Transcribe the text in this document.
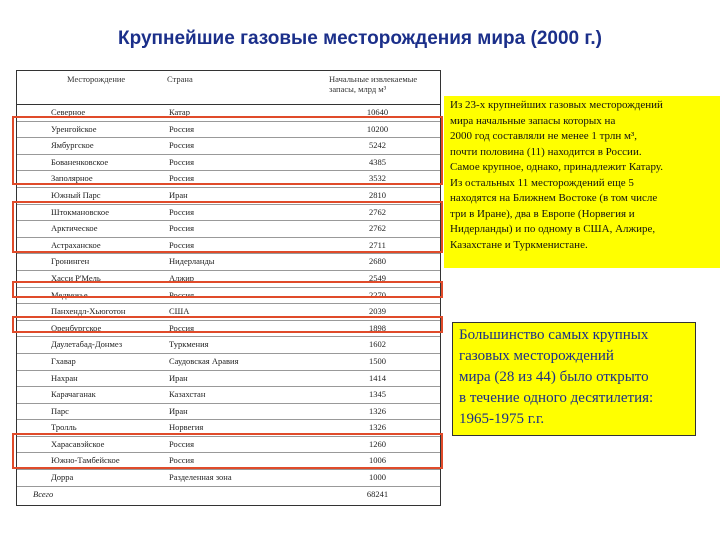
Крупнейшие газовые месторождения мира (2000 г.)
Месторождение	Страна	Начальные извлекаемые запасы, млрд м³
Северное	Катар	10640
Уренгойское	Россия	10200
Ямбургское	Россия	5242
Бованенковское	Россия	4385
Заполярное	Россия	3532
Южный Парс	Иран	2810
Штокмановское	Россия	2762
Арктическое	Россия	2762
Астраханское	Россия	2711
Гронинген	Нидерланды	2680
Хасси Р'Мель	Алжир	2549
Медвежье	Россия	2270
Панхендл-Хьюготон	США	2039
Оренбургское	Россия	1898
Даулетабад-Донмез	Туркмения	1602
Гхавар	Саудовская Аравия	1500
Нахран	Иран	1414
Карачаганак	Казахстан	1345
Парс	Иран	1326
Тролль	Норвегия	1326
Харасавэйское	Россия	1260
Южно-Тамбейское	Россия	1006
Дорра	Разделенная зона	1000
Всего		68241

Из 23-х крупнейших газовых месторождений

мира начальные запасы которых на

2000 год составляли не менее 1 трлн м³,

почти половина (11) находится в России.

Самое крупное, однако, принадлежит Катару.

Из остальных 11 месторождений еще 5

находятся на Ближнем Востоке (в том числе

три в Иране), два в Европе (Норвегия и

Нидерланды) и по одному в США, Алжире,

Казахстане и Туркменистане.

Большинство самых крупных

газовых месторождений

мира (28 из 44) было открыто

в течение одного десятилетия:

1965-1975 г.г.
